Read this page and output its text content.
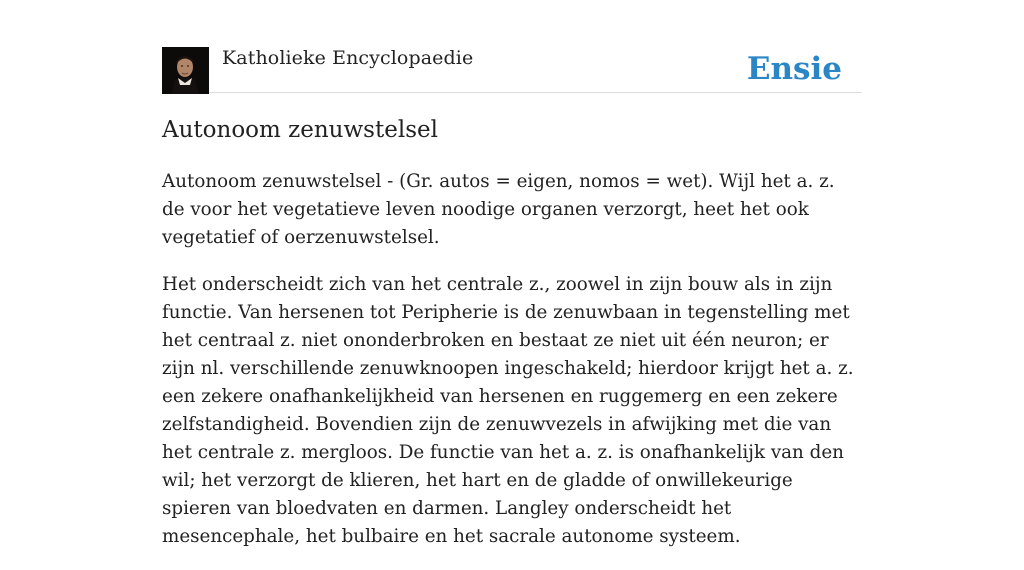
Katholieke Encyclopaedie	Ensie
Autonoom zenuwstelsel

Autonoom zenuwstelsel - (Gr. autos = eigen, nomos = wet). Wijl het a. z. de voor het vegetatieve leven noodige organen verzorgt, heet het ook vegetatief of oerzenuwstelsel.

Het onderscheidt zich van het centrale z., zoowel in zijn bouw als in zijn functie. Van hersenen tot Peripherie is de zenuwbaan in tegenstelling met het centraal z. niet ononderbroken en bestaat ze niet uit één neuron; er zijn nl. verschillende zenuwknoopen ingeschakeld; hierdoor krijgt het a. z. een zekere onafhankelijkheid van hersenen en ruggemerg en een zekere zelfstandigheid. Bovendien zijn de zenuwvezels in afwijking met die van het centrale z. mergloos. De functie van het a. z. is onafhankelijk van den wil; het verzorgt de klieren, het hart en de gladde of onwillekeurige spieren van bloedvaten en darmen. Langley onderscheidt het mesencephale, het bulbaire en het sacrale autonome systeem.
